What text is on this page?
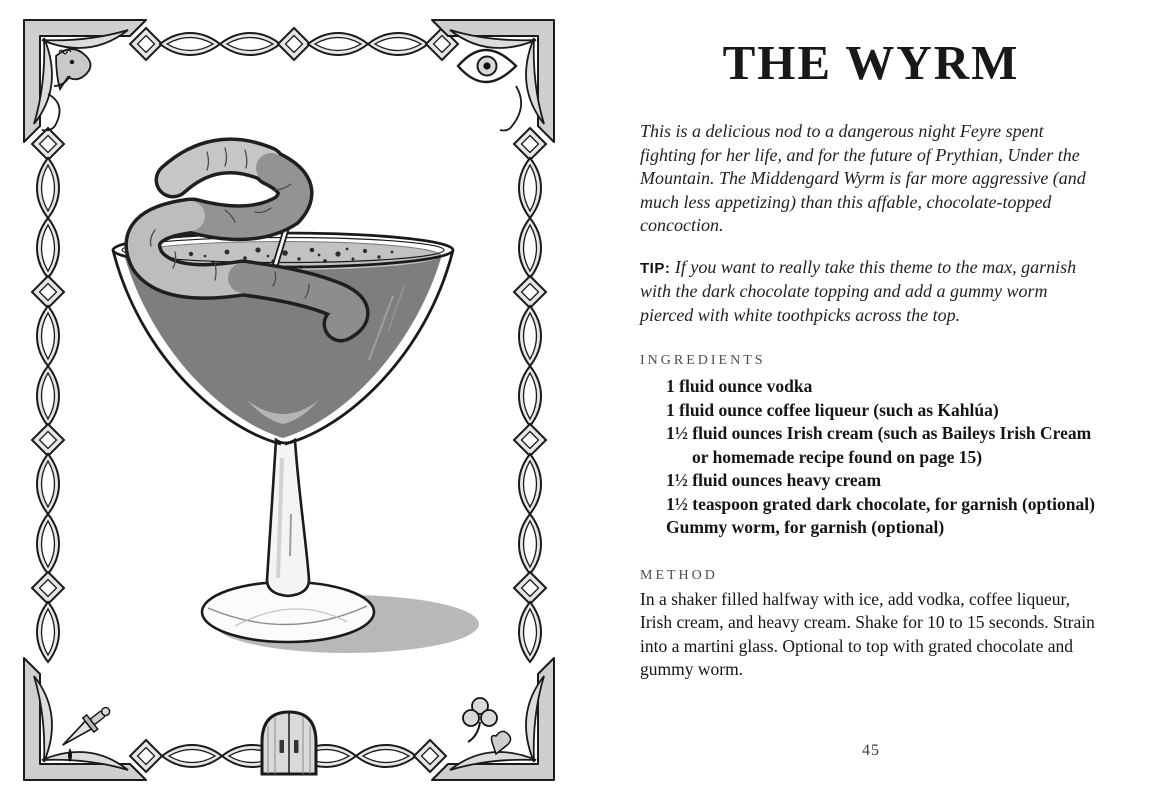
THE WYRM

This is a delicious nod to a dangerous night Feyre spent fighting for her life, and for the future of Prythian, Under the Mountain. The Middengard Wyrm is far more aggressive (and much less appetizing) than this affable, chocolate-topped concoction.

TIP: If you want to really take this theme to the max, garnish with the dark chocolate topping and add a gummy worm pierced with white toothpicks across the top.

INGREDIENTS
1 fluid ounce vodka
1 fluid ounce coffee liqueur (such as Kahlúa)
1½ fluid ounces Irish cream (such as Baileys Irish Cream or homemade recipe found on page 15)
1½ fluid ounces heavy cream
1½ teaspoon grated dark chocolate, for garnish (optional)
Gummy worm, for garnish (optional)
METHOD

In a shaker filled halfway with ice, add vodka, coffee liqueur, Irish cream, and heavy cream. Shake for 10 to 15 seconds. Strain into a martini glass. Optional to top with grated chocolate and gummy worm.

45
